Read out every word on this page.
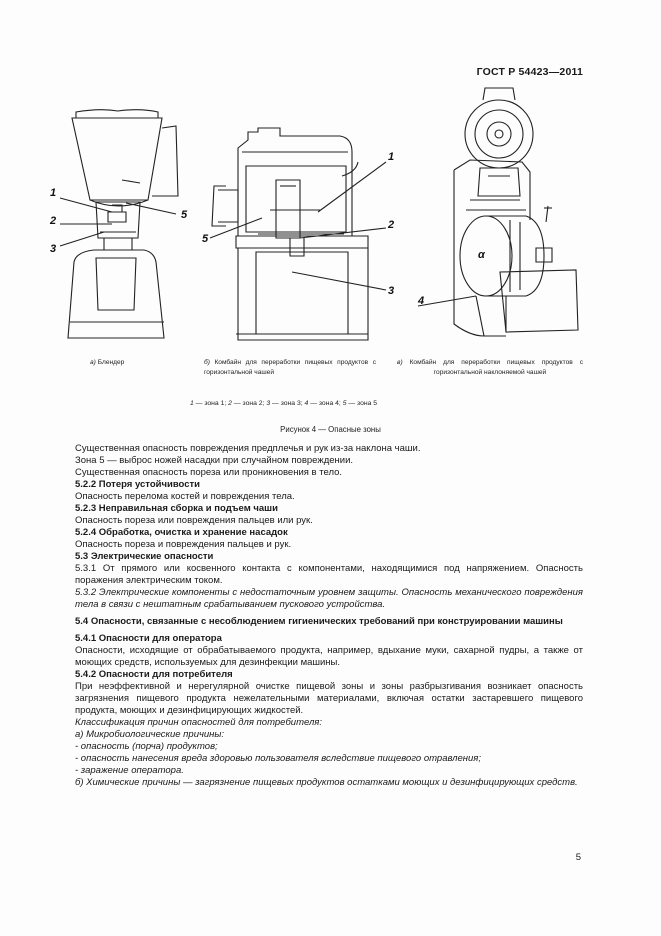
ГОСТ Р 54423—2011
1
2
3
5
1
2
3
5
4
α
а) Блендер	б) Комбайн для переработки пищевых продуктов с горизонтальной чашей
в) Комбайн для переработки пищевых продуктов с горизонтальной наклоняемой чашей
1 — зона 1; 2 — зона 2; 3 — зона 3; 4 — зона 4; 5 — зона 5
Рисунок 4 — Опасные зоны

Существенная опасность повреждения предплечья и рук из-за наклона чаши.

Зона 5 — выброс ножей насадки при случайном повреждении.

Существенная опасность пореза или проникновения в тело.

5.2.2 Потеря устойчивости

Опасность перелома костей и повреждения тела.

5.2.3 Неправильная сборка и подъем чаши

Опасность пореза или повреждения пальцев или рук.

5.2.4 Обработка, очистка и хранение насадок

Опасность пореза и повреждения пальцев и рук.

5.3 Электрические опасности

5.3.1 От прямого или косвенного контакта с компонентами, находящимися под напряжением. Опасность поражения электрическим током.

5.3.2 Электрические компоненты с недостаточным уровнем защиты. Опасность механического повреждения тела в связи с нештатным срабатыванием пускового устройства.

5.4 Опасности, связанные с несоблюдением гигиенических требований при конструировании машины

5.4.1 Опасности для оператора

Опасности, исходящие от обрабатываемого продукта, например, вдыхание муки, сахарной пудры, а также от моющих средств, используемых для дезинфекции машины.

5.4.2 Опасности для потребителя

При неэффективной и нерегулярной очистке пищевой зоны и зоны разбрызгивания возникает опасность загрязнения пищевого продукта нежелательными материалами, включая остатки застаревшего пищевого продукта, моющих и дезинфицирующих жидкостей.

Классификация причин опасностей для потребителя:

а) Микробиологические причины:

- опасность (порча) продуктов;

- опасность нанесения вреда здоровью пользователя вследствие пищевого отравления;

- заражение оператора.

б) Химические причины — загрязнение пищевых продуктов остатками моющих и дезинфицирующих средств.

5
